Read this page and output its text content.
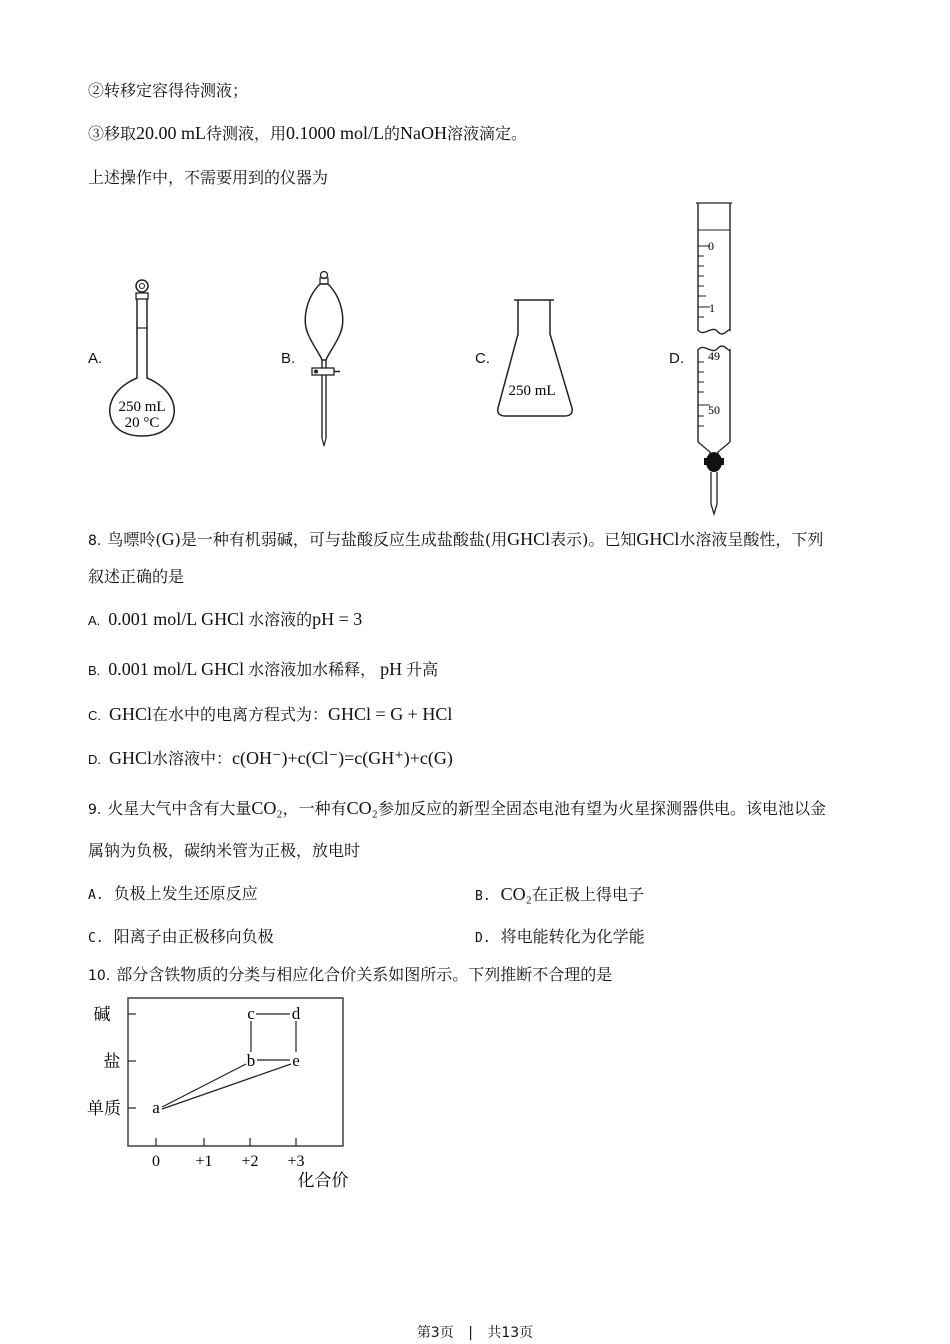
②转移定容得待测液；
③移取20.00 mL待测液，用0.1000 mol/L的NaOH溶液滴定。
上述操作中，不需要用到的仪器为
A.	B.	C.	D.
250 mL
20 °C
250 mL
0
1
49
50
8. 鸟嘌呤(G)是一种有机弱碱，可与盐酸反应生成盐酸盐(用GHCl表示)。已知GHCl水溶液呈酸性，下列
叙述正确的是
A. 0.001 mol/L GHCl 水溶液的pH = 3
B. 0.001 mol/L GHCl 水溶液加水稀释， pH 升高
C. GHCl在水中的电离方程式为：GHCl = G + HCl
D. GHCl水溶液中：c(OH⁻)+c(Cl⁻)=c(GH⁺)+c(G)
9. 火星大气中含有大量CO₂，一种有CO₂参加反应的新型全固态电池有望为火星探测器供电。该电池以金
属钠为负极，碳纳米管为正极，放电时
A. 负极上发生还原反应	B. CO₂在正极上得电子
C. 阳离子由正极移向负极	D. 将电能转化为化学能
10. 部分含铁物质的分类与相应化合价关系如图所示。下列推断不合理的是
碱
盐
单质
0 +1 +2 +3
化合价
a
b
c d
e
第3页 | 共13页
